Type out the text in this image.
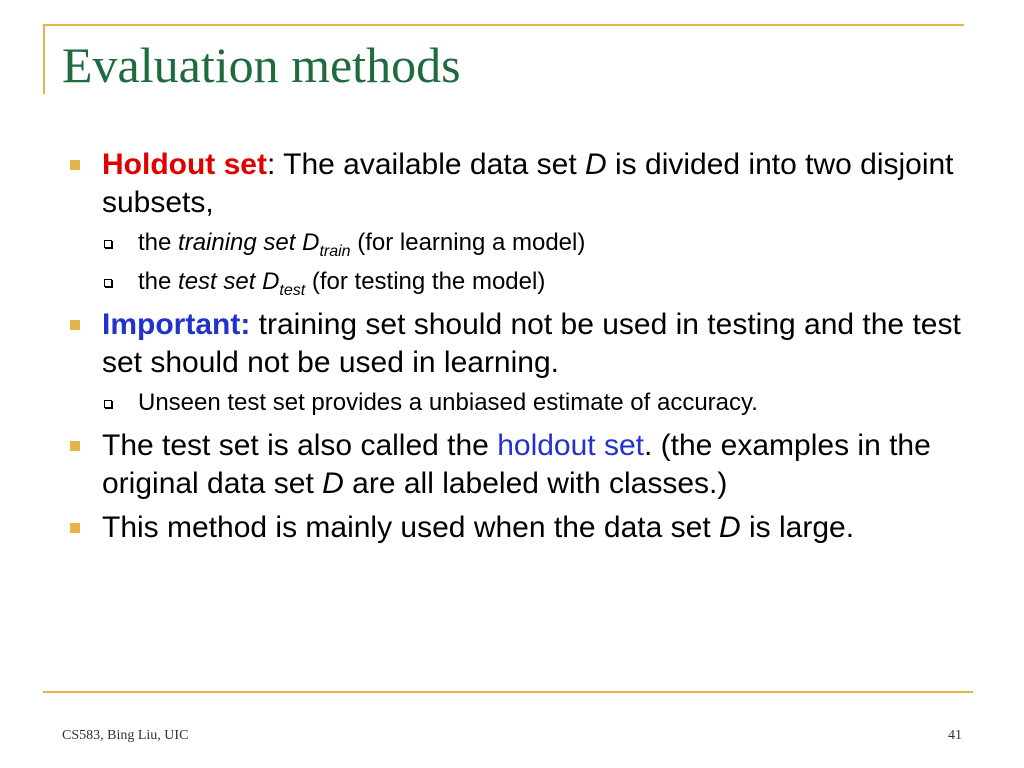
Evaluation methods
Holdout set: The available data set D is divided into two disjoint subsets,
the training set $D_{train}$ (for learning a model)
the test set $D_{test}$ (for testing the model)
Important: training set should not be used in testing and the test set should not be used in learning.
Unseen test set provides a unbiased estimate of accuracy.
The test set is also called the holdout set. (the examples in the original data set D are all labeled with classes.)
This method is mainly used when the data set D is large.
CS583, Bing Liu, UIC	41
